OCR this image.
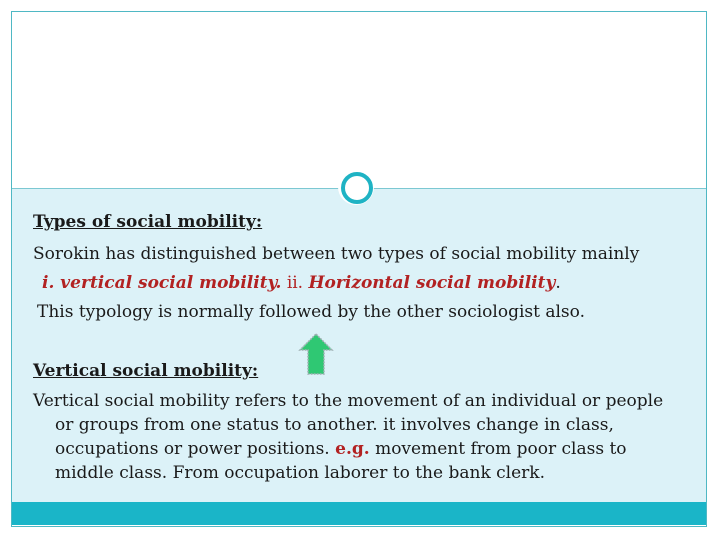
Types of social mobility:
Sorokin has distinguished between two types of social mobility mainly
i. vertical social mobility. ii. Horizontal social mobility.
This typology is normally followed by the other sociologist also.
Vertical social mobility:
Vertical social mobility refers to the movement of an individual or people
or groups from one status to another. it involves change in class,
occupations or power positions. e.g. movement from poor class to
middle class. From occupation laborer to the bank clerk.
